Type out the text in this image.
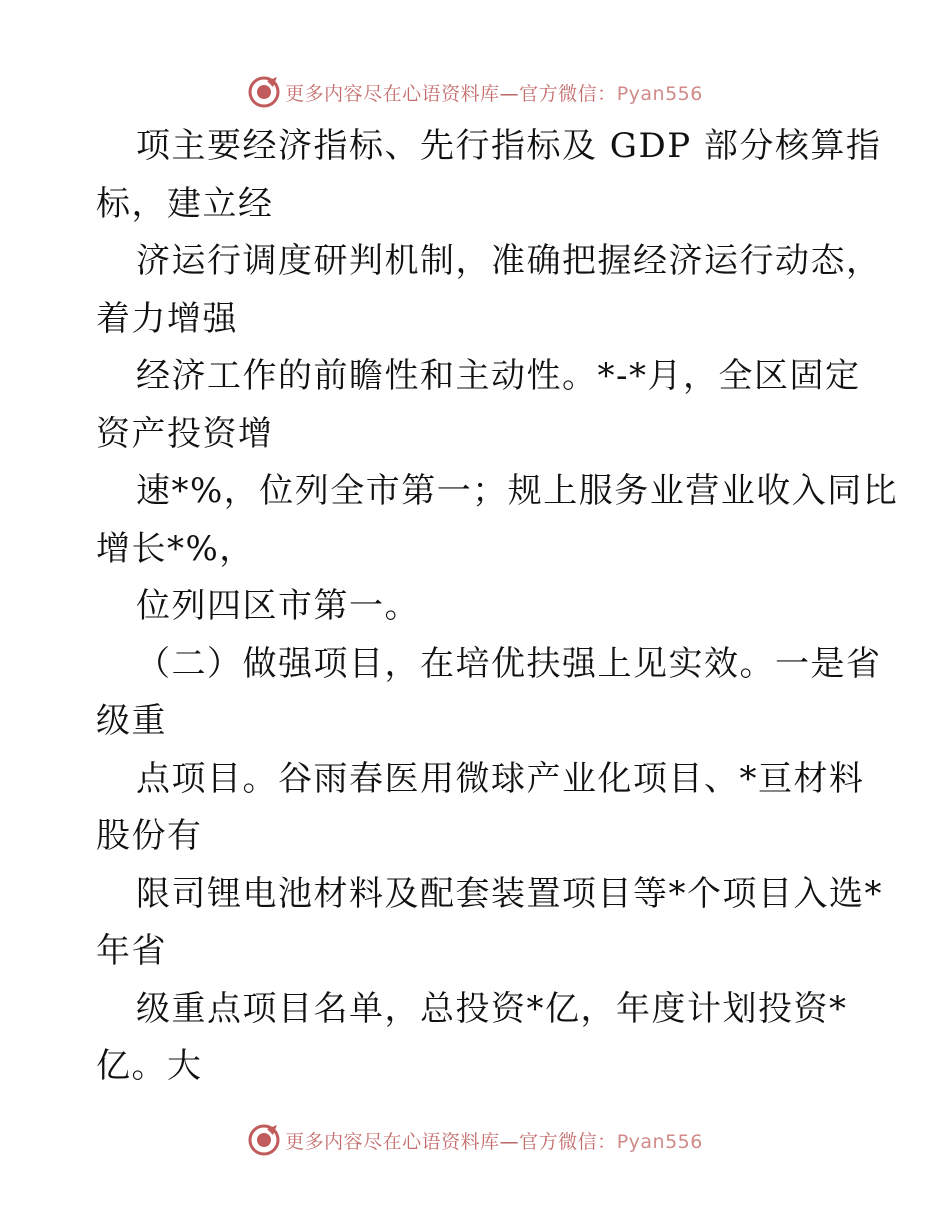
更多内容尽在心语资料库—官方微信：Pyan556
项主要经济指标、先行指标及 GDP 部分核算指
标，建立经
济运行调度研判机制，准确把握经济运行动态，
着力增强
经济工作的前瞻性和主动性。*-*月，全区固定
资产投资增
速*%，位列全市第一；规上服务业营业收入同比
增长*%，
位列四区市第一。
（二）做强项目，在培优扶强上见实效。一是省
级重
点项目。谷雨春医用微球产业化项目、*亘材料
股份有
限司锂电池材料及配套装置项目等*个项目入选*
年省
级重点项目名单，总投资*亿，年度计划投资*
亿。大
更多内容尽在心语资料库—官方微信：Pyan556
